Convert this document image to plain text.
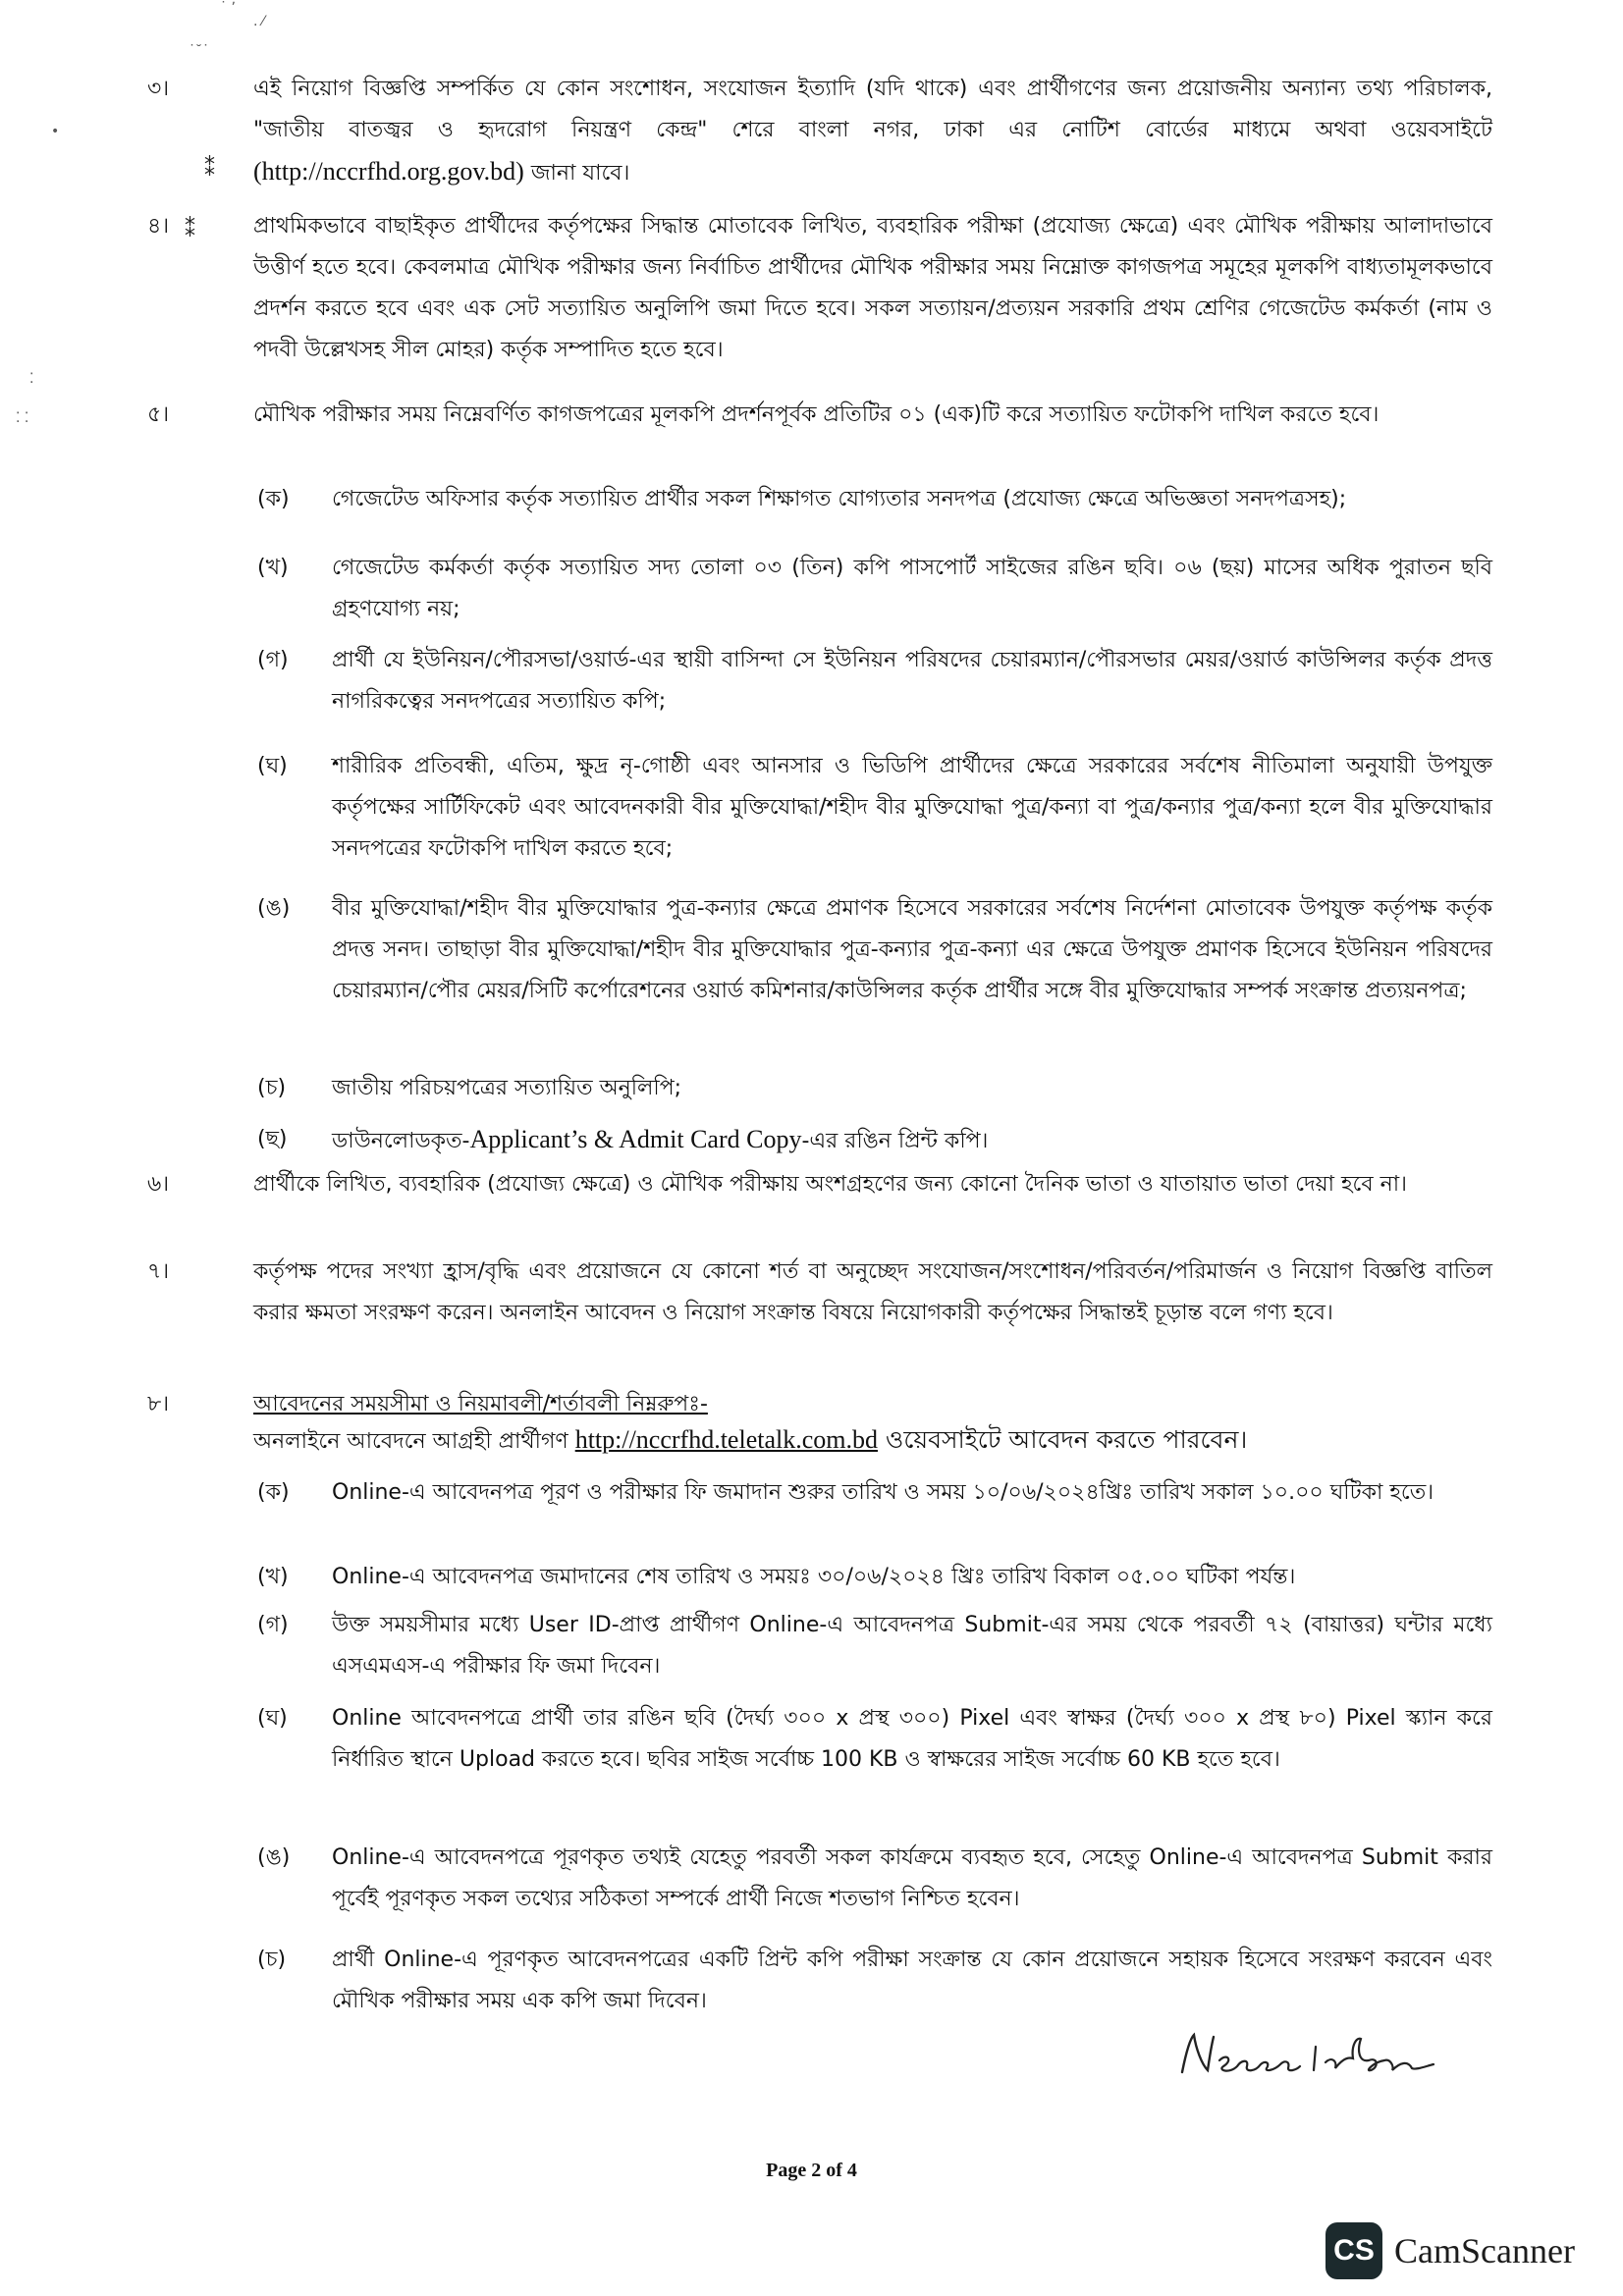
˙ ՚
. ⁄
˙˘˙
•
⁚
⁚ ⁚
⁑
⁑
৩।	এই নিয়োগ বিজ্ঞপ্তি সম্পর্কিত যে কোন সংশোধন, সংযোজন ইত্যাদি (যদি থাকে) এবং প্রার্থীগণের জন্য প্রয়োজনীয় অন্যান্য তথ্য পরিচালক, "জাতীয় বাতজ্বর ও হৃদরোগ নিয়ন্ত্রণ কেন্দ্র" শেরে বাংলা নগর, ঢাকা এর নোটিশ বোর্ডের মাধ্যমে অথবা ওয়েবসাইটে (http://nccrfhd.org.gov.bd) জানা যাবে।
৪।	প্রাথমিকভাবে বাছাইকৃত প্রার্থীদের কর্তৃপক্ষের সিদ্ধান্ত মোতাবেক লিখিত, ব্যবহারিক পরীক্ষা (প্রযোজ্য ক্ষেত্রে) এবং মৌখিক পরীক্ষায় আলাদাভাবে উত্তীর্ণ হতে হবে। কেবলমাত্র মৌখিক পরীক্ষার জন্য নির্বাচিত প্রার্থীদের মৌখিক পরীক্ষার সময় নিম্নোক্ত কাগজপত্র সমূহের মূলকপি বাধ্যতামূলকভাবে প্রদর্শন করতে হবে এবং এক সেট সত্যায়িত অনুলিপি জমা দিতে হবে। সকল সত্যায়ন/প্রত্যয়ন সরকারি প্রথম শ্রেণির গেজেটেড কর্মকর্তা (নাম ও পদবী উল্লেখসহ সীল মোহর) কর্তৃক সম্পাদিত হতে হবে।
৫।	মৌখিক পরীক্ষার সময় নিম্নেবর্ণিত কাগজপত্রের মূলকপি প্রদর্শনপূর্বক প্রতিটির ০১ (এক)টি করে সত্যায়িত ফটোকপি দাখিল করতে হবে।
(ক)	গেজেটেড অফিসার কর্তৃক সত্যায়িত প্রার্থীর সকল শিক্ষাগত যোগ্যতার সনদপত্র (প্রযোজ্য ক্ষেত্রে অভিজ্ঞতা সনদপত্রসহ);
(খ)	গেজেটেড কর্মকর্তা কর্তৃক সত্যায়িত সদ্য তোলা ০৩ (তিন) কপি পাসপোর্ট সাইজের রঙিন ছবি। ০৬ (ছয়) মাসের অধিক পুরাতন ছবি গ্রহণযোগ্য নয়;
(গ)	প্রার্থী যে ইউনিয়ন/পৌরসভা/ওয়ার্ড-এর স্থায়ী বাসিন্দা সে ইউনিয়ন পরিষদের চেয়ারম্যান/পৌরসভার মেয়র/ওয়ার্ড কাউন্সিলর কর্তৃক প্রদত্ত নাগরিকত্বের সনদপত্রের সত্যায়িত কপি;
(ঘ)	শারীরিক প্রতিবন্ধী, এতিম, ক্ষুদ্র নৃ-গোষ্ঠী এবং আনসার ও ভিডিপি প্রার্থীদের ক্ষেত্রে সরকারের সর্বশেষ নীতিমালা অনুযায়ী উপযুক্ত কর্তৃপক্ষের সার্টিফিকেট এবং আবেদনকারী বীর মুক্তিযোদ্ধা/শহীদ বীর মুক্তিযোদ্ধা পুত্র/কন্যা বা পুত্র/কন্যার পুত্র/কন্যা হলে বীর মুক্তিযোদ্ধার সনদপত্রের ফটোকপি দাখিল করতে হবে;
(ঙ)	বীর মুক্তিযোদ্ধা/শহীদ বীর মুক্তিযোদ্ধার পুত্র-কন্যার ক্ষেত্রে প্রমাণক হিসেবে সরকারের সর্বশেষ নির্দেশনা মোতাবেক উপযুক্ত কর্তৃপক্ষ কর্তৃক প্রদত্ত সনদ। তাছাড়া বীর মুক্তিযোদ্ধা/শহীদ বীর মুক্তিযোদ্ধার পুত্র-কন্যার পুত্র-কন্যা এর ক্ষেত্রে উপযুক্ত প্রমাণক হিসেবে ইউনিয়ন পরিষদের চেয়ারম্যান/পৌর মেয়র/সিটি কর্পোরেশনের ওয়ার্ড কমিশনার/কাউন্সিলর কর্তৃক প্রার্থীর সঙ্গে বীর মুক্তিযোদ্ধার সম্পর্ক সংক্রান্ত প্রত্যয়নপত্র;
(চ)	জাতীয় পরিচয়পত্রের সত্যায়িত অনুলিপি;
(ছ)	ডাউনলোডকৃত-Applicant’s & Admit Card Copy-এর রঙিন প্রিন্ট কপি।
৬।	প্রার্থীকে লিখিত, ব্যবহারিক (প্রযোজ্য ক্ষেত্রে) ও মৌখিক পরীক্ষায় অংশগ্রহণের জন্য কোনো দৈনিক ভাতা ও যাতায়াত ভাতা দেয়া হবে না।
৭।	কর্তৃপক্ষ পদের সংখ্যা হ্রাস/বৃদ্ধি এবং প্রয়োজনে যে কোনো শর্ত বা অনুচ্ছেদ সংযোজন/সংশোধন/পরিবর্তন/পরিমার্জন ও নিয়োগ বিজ্ঞপ্তি বাতিল করার ক্ষমতা সংরক্ষণ করেন। অনলাইন আবেদন ও নিয়োগ সংক্রান্ত বিষয়ে নিয়োগকারী কর্তৃপক্ষের সিদ্ধান্তই চূড়ান্ত বলে গণ্য হবে।
৮।	আবেদনের সময়সীমা ও নিয়মাবলী/শর্তাবলী নিম্নরুপঃ-
অনলাইনে আবেদনে আগ্রহী প্রার্থীগণ http://nccrfhd.teletalk.com.bd ওয়েবসাইটে আবেদন করতে পারবেন।
(ক)	Online-এ আবেদনপত্র পূরণ ও পরীক্ষার ফি জমাদান শুরুর তারিখ ও সময় ১০/০৬/২০২৪খ্রিঃ তারিখ সকাল ১০.০০ ঘটিকা হতে।
(খ)	Online-এ আবেদনপত্র জমাদানের শেষ তারিখ ও সময়ঃ ৩০/০৬/২০২৪ খ্রিঃ তারিখ বিকাল ০৫.০০ ঘটিকা পর্যন্ত।
(গ)	উক্ত সময়সীমার মধ্যে User ID-প্রাপ্ত প্রার্থীগণ Online-এ আবেদনপত্র Submit-এর সময় থেকে পরবর্তী ৭২ (বায়াত্তর) ঘন্টার মধ্যে এসএমএস-এ পরীক্ষার ফি জমা দিবেন।
(ঘ)	Online আবেদনপত্রে প্রার্থী তার রঙিন ছবি (দৈর্ঘ্য ৩০০ x প্রস্থ ৩০০) Pixel এবং স্বাক্ষর (দৈর্ঘ্য ৩০০ x প্রস্থ ৮০) Pixel স্ক্যান করে নির্ধারিত স্থানে Upload করতে হবে। ছবির সাইজ সর্বোচ্চ 100 KB ও স্বাক্ষরের সাইজ সর্বোচ্চ 60 KB হতে হবে।
(ঙ)	Online-এ আবেদনপত্রে পূরণকৃত তথ্যই যেহেতু পরবর্তী সকল কার্যক্রমে ব্যবহৃত হবে, সেহেতু Online-এ আবেদনপত্র Submit করার পূর্বেই পূরণকৃত সকল তথ্যের সঠিকতা সম্পর্কে প্রার্থী নিজে শতভাগ নিশ্চিত হবেন।
(চ)	প্রার্থী Online-এ পূরণকৃত আবেদনপত্রের একটি প্রিন্ট কপি পরীক্ষা সংক্রান্ত যে কোন প্রয়োজনে সহায়ক হিসেবে সংরক্ষণ করবেন এবং মৌখিক পরীক্ষার সময় এক কপি জমা দিবেন।
Page 2 of 4
CS CamScanner
